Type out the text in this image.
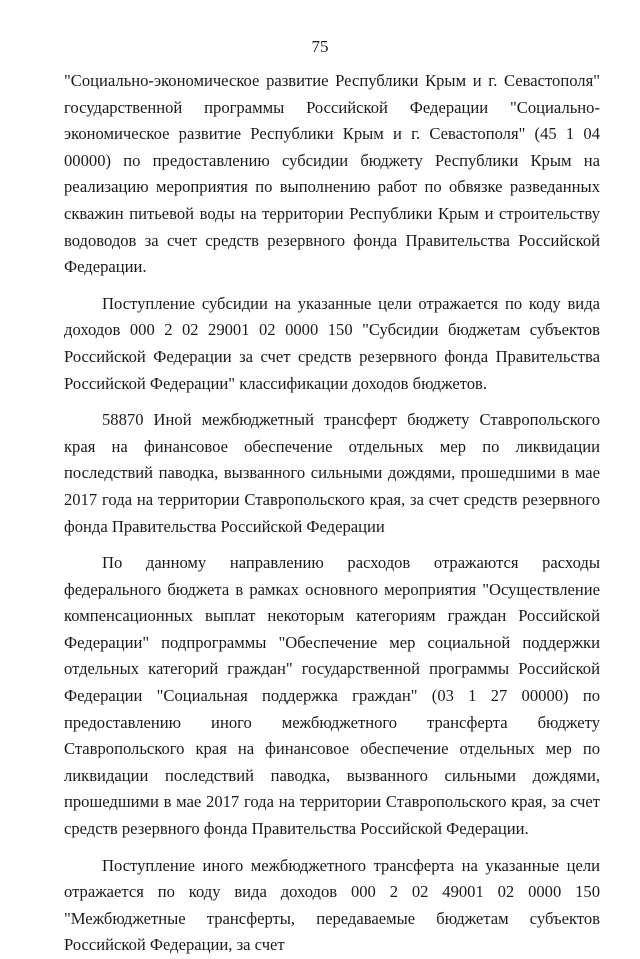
75

"Социально-экономическое развитие Республики Крым и г. Севастополя" государственной программы Российской Федерации "Социально-экономическое развитие Республики Крым и г. Севастополя" (45 1 04 00000) по предоставлению субсидии бюджету Республики Крым на реализацию мероприятия по выполнению работ по обвязке разведанных скважин питьевой воды на территории Республики Крым и строительству водоводов за счет средств резервного фонда Правительства Российской Федерации.

Поступление субсидии на указанные цели отражается по коду вида доходов 000 2 02 29001 02 0000 150 "Субсидии бюджетам субъектов Российской Федерации за счет средств резервного фонда Правительства Российской Федерации" классификации доходов бюджетов.

58870 Иной межбюджетный трансферт бюджету Ставропольского края на финансовое обеспечение отдельных мер по ликвидации последствий паводка, вызванного сильными дождями, прошедшими в мае 2017 года на территории Ставропольского края, за счет средств резервного фонда Правительства Российской Федерации

По данному направлению расходов отражаются расходы федерального бюджета в рамках основного мероприятия "Осуществление компенсационных выплат некоторым категориям граждан Российской Федерации" подпрограммы "Обеспечение мер социальной поддержки отдельных категорий граждан" государственной программы Российской Федерации "Социальная поддержка граждан" (03 1 27 00000) по предоставлению иного межбюджетного трансферта бюджету Ставропольского края на финансовое обеспечение отдельных мер по ликвидации последствий паводка, вызванного сильными дождями, прошедшими в мае 2017 года на территории Ставропольского края, за счет средств резервного фонда Правительства Российской Федерации.

Поступление иного межбюджетного трансферта на указанные цели отражается по коду вида доходов 000 2 02 49001 02 0000 150 "Межбюджетные трансферты, передаваемые бюджетам субъектов Российской Федерации, за счет
